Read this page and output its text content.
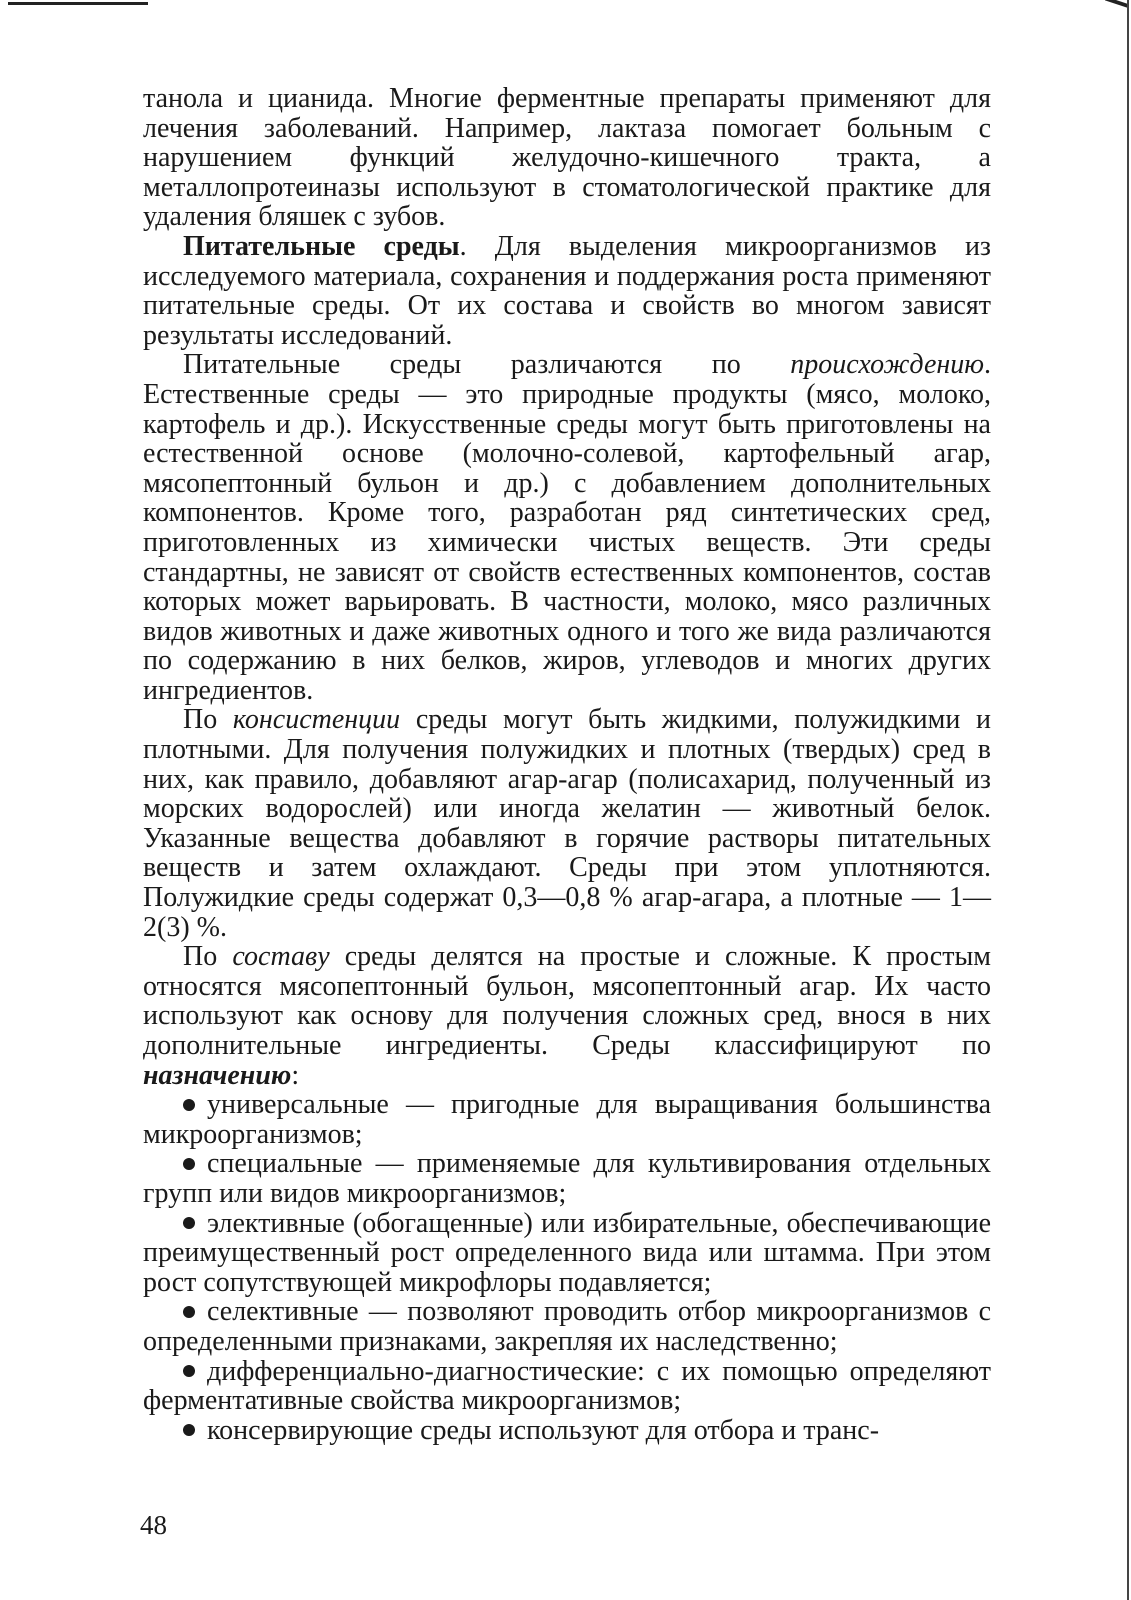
танола и цианида. Многие ферментные препараты применяют для лечения заболеваний. Например, лактаза помогает больным с нарушением функций желудочно-кишечного тракта, а металлопротеиназы используют в стоматологической практике для удаления бляшек с зубов.

Питательные среды. Для выделения микроорганизмов из исследуемого материала, сохранения и поддержания роста применяют питательные среды. От их состава и свойств во многом зависят результаты исследований.

Питательные среды различаются по происхождению. Естественные среды — это природные продукты (мясо, молоко, картофель и др.). Искусственные среды могут быть приготовлены на естественной основе (молочно-солевой, картофельный агар, мясопептонный бульон и др.) с добавлением дополнительных компонентов. Кроме того, разработан ряд синтетических сред, приготовленных из химически чистых веществ. Эти среды стандартны, не зависят от свойств естественных компонентов, состав которых может варьировать. В частности, молоко, мясо различных видов животных и даже животных одного и того же вида различаются по содержанию в них белков, жиров, углеводов и многих других ингредиентов.

По консистенции среды могут быть жидкими, полужидкими и плотными. Для получения полужидких и плотных (твердых) сред в них, как правило, добавляют агар-агар (полисахарид, полученный из морских водорослей) или иногда желатин — животный белок. Указанные вещества добавляют в горячие растворы питательных веществ и затем охлаждают. Среды при этом уплотняются. Полужидкие среды содержат 0,3—0,8 % агар-агара, а плотные — 1—2(3) %.

По составу среды делятся на простые и сложные. К простым относятся мясопептонный бульон, мясопептонный агар. Их часто используют как основу для получения сложных сред, внося в них дополнительные ингредиенты. Среды классифицируют по назначению:

универсальные — пригодные для выращивания большинства микроорганизмов;

специальные — применяемые для культивирования отдельных групп или видов микроорганизмов;

элективные (обогащенные) или избирательные, обеспечивающие преимущественный рост определенного вида или штамма. При этом рост сопутствующей микрофлоры подавляется;

селективные — позволяют проводить отбор микроорганизмов с определенными признаками, закрепляя их наследственно;

дифференциально-диагностические: с их помощью определяют ферментативные свойства микроорганизмов;

консервирующие среды используют для отбора и транс-

48
